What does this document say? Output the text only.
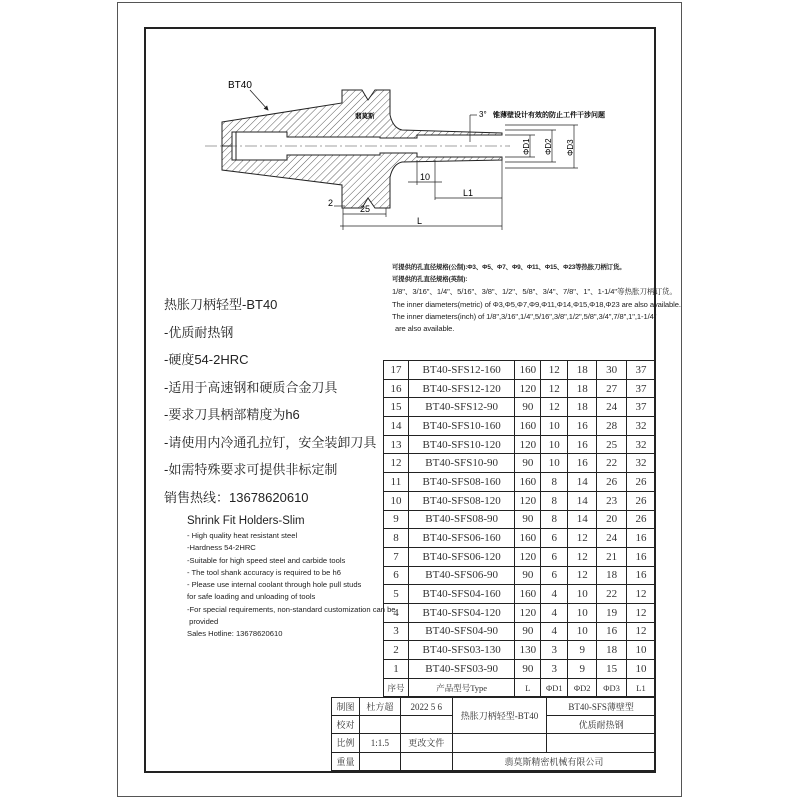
BT40
翡莫斯	3° 锥薄壁设计有效的防止工件干涉问题
ΦD1 ΦD2 ΦD3
10
L1
25
2
L
可提供的孔直径规格(公制):Φ3、Φ5、Φ7、Φ9、Φ11、Φ15、Φ23等热胀刀柄订货。
可提供的孔直径规格(英制):
1/8"、3/16"、1/4"、5/16"、3/8"、1/2"、5/8"、3/4"、7/8"、1"、1-1/4"等热胀刀柄订货。
The inner diameters(metric) of Φ3,Φ5,Φ7,Φ9,Φ11,Φ14,Φ15,Φ18,Φ23 are also available.
The inner diameters(inch) of 1/8",3/16",1/4",5/16",3/8",1/2",5/8",3/4",7/8",1",1-1/4"
are also available.
热胀刀柄轻型-BT40
-优质耐热钢
-硬度54-2HRC
-适用于高速钢和硬质合金刀具
-要求刀具柄部精度为h6
-请使用内冷通孔拉钉，安全装卸刀具
-如需特殊要求可提供非标定制
销售热线：13678620610
Shrink Fit Holders-Slim
- High quality heat resistant steel
-Hardness 54-2HRC
-Suitable for high speed steel and carbide tools
- The tool shank accuracy is required to be h6
- Please use internal coolant through hole pull studs
for safe loading and unloading of tools
-For special requirements, non-standard customization can be
provided
Sales Hotline: 13678620610
17	BT40-SFS12-160	160	12	18	30	37
16	BT40-SFS12-120	120	12	18	27	37
15	BT40-SFS12-90	90	12	18	24	37
14	BT40-SFS10-160	160	10	16	28	32
13	BT40-SFS10-120	120	10	16	25	32
12	BT40-SFS10-90	90	10	16	22	32
11	BT40-SFS08-160	160	8	14	26	26
10	BT40-SFS08-120	120	8	14	23	26
9	BT40-SFS08-90	90	8	14	20	26
8	BT40-SFS06-160	160	6	12	24	16
7	BT40-SFS06-120	120	6	12	21	16
6	BT40-SFS06-90	90	6	12	18	16
5	BT40-SFS04-160	160	4	10	22	12
4	BT40-SFS04-120	120	4	10	19	12
3	BT40-SFS04-90	90	4	10	16	12
2	BT40-SFS03-130	130	3	9	18	10
1	BT40-SFS03-90	90	3	9	15	10
序号	产品型号Type	L	ΦD1	ΦD2	ΦD3	L1
制图	杜方超	2022 5 6	热胀刀柄轻型-BT40	BT40-SFS薄壁型
校对				优质耐热钢
比例	1:1.5	更改文件		
重量			翡莫斯精密机械有限公司	
